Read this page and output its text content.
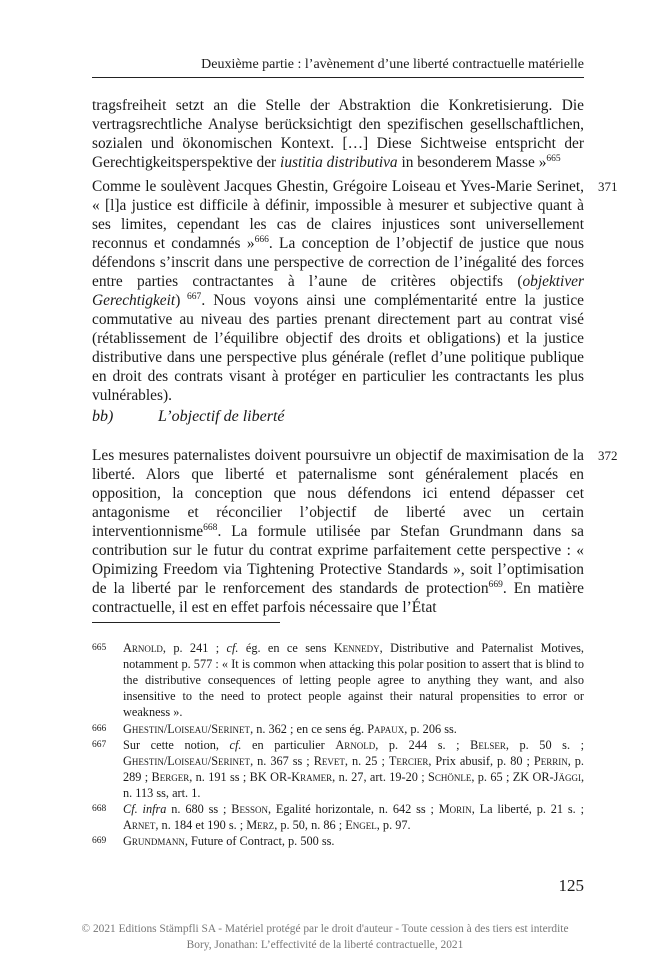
Deuxième partie : l’avènement d’une liberté contractuelle matérielle
tragsfreiheit setzt an die Stelle der Abstraktion die Konkretisierung. Die vertragsrechtliche Analyse berücksichtigt den spezifischen gesellschaftlichen, sozialen und ökonomischen Kontext. […] Diese Sichtweise entspricht der Gerechtigkeitsperspektive der iustitia distributiva in besonderem Masse »$^{665}$
371
Comme le soulèvent Jacques Ghestin, Grégoire Loiseau et Yves-Marie Serinet, « [l]a justice est difficile à définir, impossible à mesurer et subjective quant à ses limites, cependant les cas de claires injustices sont universellement reconnus et condamnés »$^{666}$. La conception de l’objectif de justice que nous défendons s’inscrit dans une perspective de correction de l’inégalité des forces entre parties contractantes à l’aune de critères objectifs (objektiver Gerechtigkeit) $^{667}$. Nous voyons ainsi une complémentarité entre la justice commutative au niveau des parties prenant directement part au contrat visé (rétablissement de l’équilibre objectif des droits et obligations) et la justice distributive dans une perspective plus générale (reflet d’une politique publique en droit des contrats visant à protéger en particulier les contractants les plus vulnérables).
bb)	L’objectif de liberté
372
Les mesures paternalistes doivent poursuivre un objectif de maximisation de la liberté. Alors que liberté et paternalisme sont généralement placés en opposition, la conception que nous défendons ici entend dépasser cet antagonisme et réconcilier l’objectif de liberté avec un certain interventionnisme$^{668}$. La formule utilisée par Stefan Grundmann dans sa contribution sur le futur du contrat exprime parfaitement cette perspective : « Opimizing Freedom via Tightening Protective Standards », soit l’optimisation de la liberté par le renforcement des standards de protection$^{669}$. En matière contractuelle, il est en effet parfois nécessaire que l’État
665 Arnold, p. 241 ; cf. ég. en ce sens Kennedy, Distributive and Paternalist Motives, notamment p. 577 : « It is common when attacking this polar position to assert that is blind to the distributive consequences of letting people agree to anything they want, and also insensitive to the need to protect people against their natural propensities to error or weakness ».
666 Ghestin/Loiseau/Serinet, n. 362 ; en ce sens ég. Papaux, p. 206 ss.
667 Sur cette notion, cf. en particulier Arnold, p. 244 s. ; Belser, p. 50 s. ; Ghestin/Loiseau/Serinet, n. 367 ss ; Revet, n. 25 ; Tercier, Prix abusif, p. 80 ; Perrin, p. 289 ; Berger, n. 191 ss ; BK OR-Kramer, n. 27, art. 19-20 ; Schönle, p. 65 ; ZK OR-Jäggi, n. 113 ss, art. 1.
668 Cf. infra n. 680 ss ; Besson, Egalité horizontale, n. 642 ss ; Morin, La liberté, p. 21 s. ; Arnet, n. 184 et 190 s. ; Merz, p. 50, n. 86 ; Engel, p. 97.
669 Grundmann, Future of Contract, p. 500 ss.
125
© 2021 Editions Stämpfli SA - Matériel protégé par le droit d'auteur - Toute cession à des tiers est interdite
Bory, Jonathan: L’effectivité de la liberté contractuelle, 2021
